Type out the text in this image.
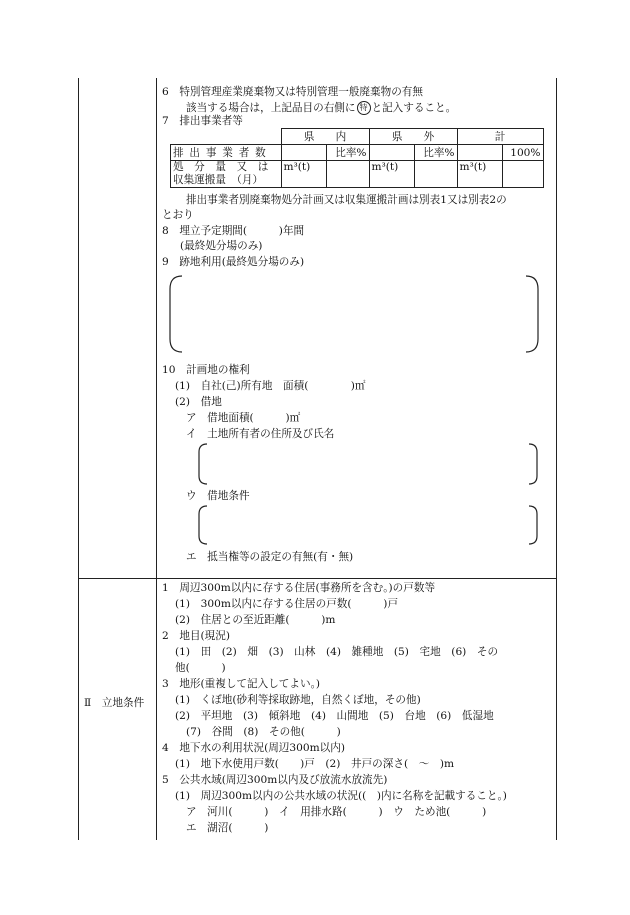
6　特別管理産業廃棄物又は特別管理一般廃棄物の有無
該当する場合は，上記品目の右側に 特 と記入すること。
7　排出事業者等
	県　　内		県　　外		計	
排出事業者数		比率%		比率%		100%

処　分　量　又　は
収集運搬量　（月）	m³(t)		m³(t)		m³(t)	
排出事業者別廃棄物処分計画又は収集運搬計画は別表1又は別表2の
とおり
8　埋立予定期間(　　　)年間
(最終処分場のみ)
9　跡地利用(最終処分場のみ)
10　計画地の権利
(1)　自社(己)所有地　面積(　　　　)㎡
(2)　借地
ア　借地面積(　　　)㎡
イ　土地所有者の住所及び氏名
ウ　借地条件
エ　抵当権等の設定の有無(有・無)
Ⅱ　立地条件
1　周辺300m以内に存する住居(事務所を含む。)の戸数等
(1)　300m以内に存する住居の戸数(　　　)戸
(2)　住居との至近距離(　　　)m
2　地目(現況)
(1)　田　(2)　畑　(3)　山林　(4)　雑種地　(5)　宅地　(6)　その
他(　　　)
3　地形(重複して記入してよい。)
(1)　くぼ地(砂利等採取跡地，自然くぼ地，その他)
(2)　平坦地　(3)　傾斜地　(4)　山間地　(5)　台地　(6)　低湿地
(7)　谷間　(8)　その他(　　　)
4　地下水の利用状況(周辺300m以内)
(1)　地下水使用戸数(　　)戸　(2)　井戸の深さ(　～　)m
5　公共水域(周辺300m以内及び放流水放流先)
(1)　周辺300m以内の公共水域の状況((　)内に名称を記載すること。)
ア　河川(　　　)　イ　用排水路(　　　)　ウ　ため池(　　　)
エ　湖沼(　　　)
